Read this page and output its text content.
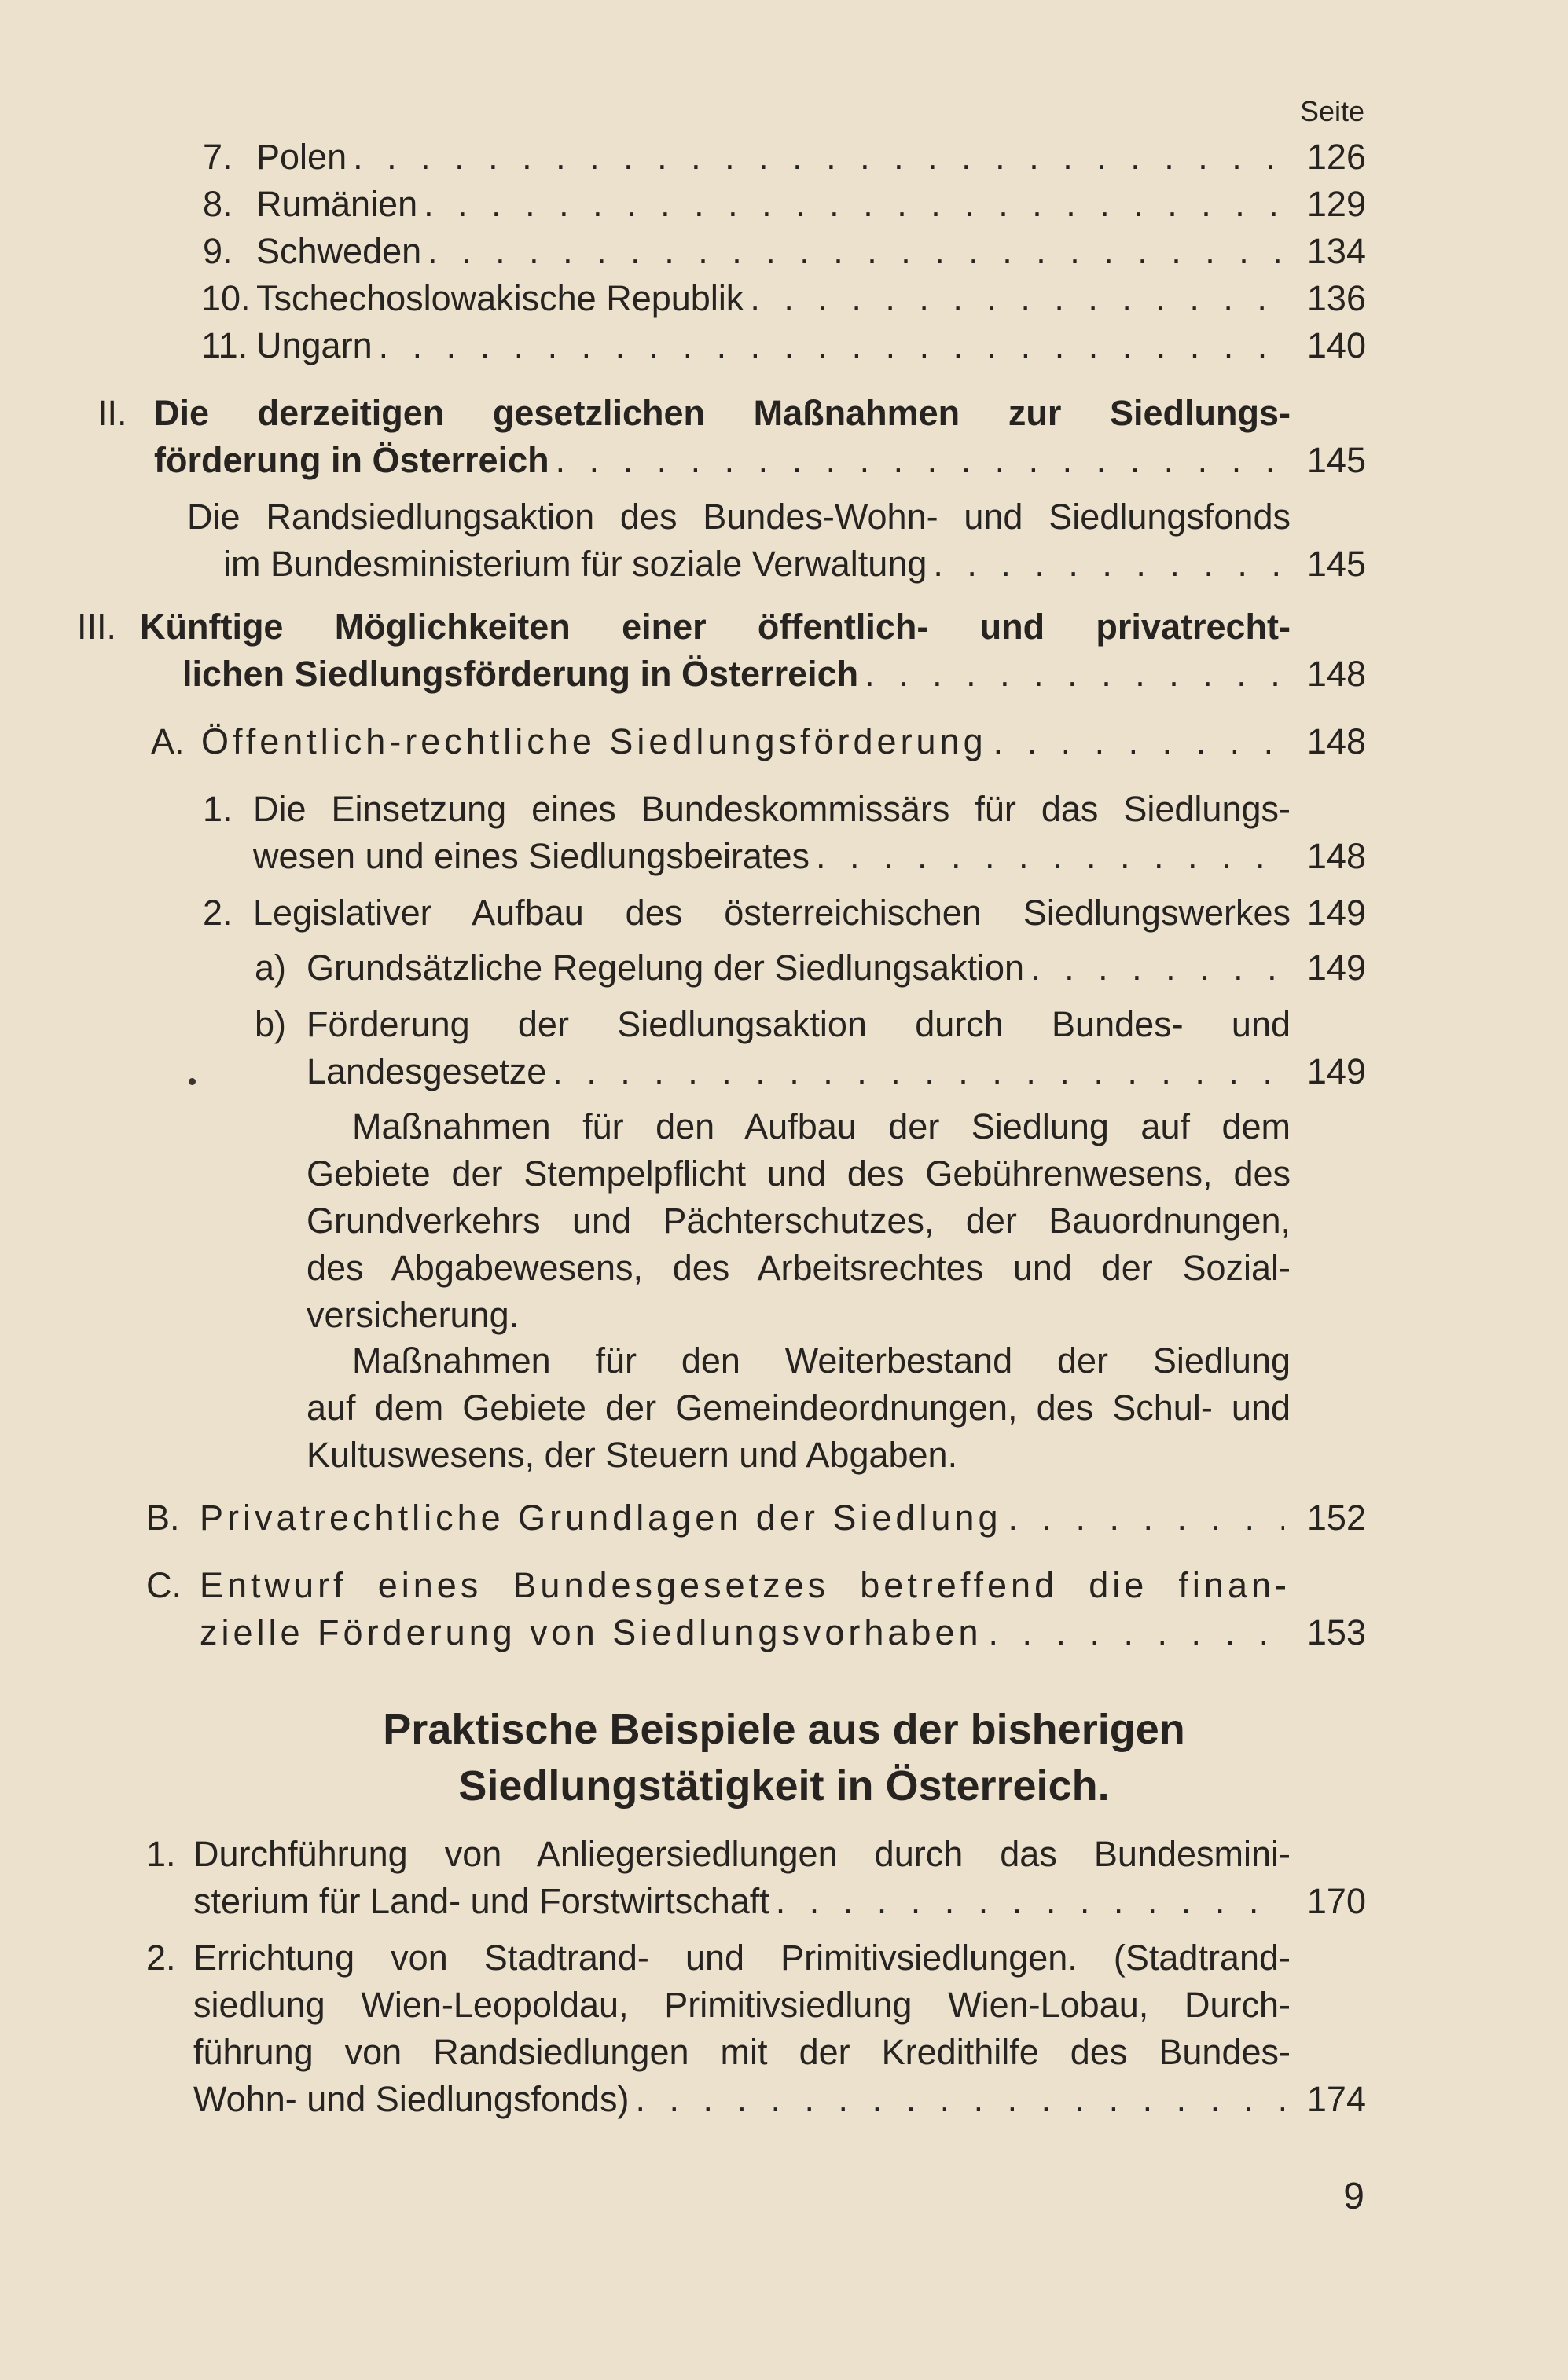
Seite
7. Polen . . .	126
8. Rumänien . . .	129
9. Schweden . . .	134
10. Tschechoslowakische Republik . . .	136
11. Ungarn . . .	140
II. Die derzeitigen gesetzlichen Maßnahmen zur Siedlungs-
förderung in Österreich . . .	145
Die Randsiedlungsaktion des Bundes-Wohn- und Siedlungsfonds
im Bundesministerium für soziale Verwaltung . . .	145
III. Künftige Möglichkeiten einer öffentlich- und privatrecht-
lichen Siedlungsförderung in Österreich . . .	148
A. Öffentlich-rechtliche Siedlungsförderung . . .	148
1. Die Einsetzung eines Bundeskommissärs für das Siedlungs-
wesen und eines Siedlungsbeirates . . .	148
2. Legislativer Aufbau des österreichischen Siedlungswerkes 149
a) Grundsätzliche Regelung der Siedlungsaktion . . .	149
b) Förderung der Siedlungsaktion durch Bundes- und
Landesgesetze . . .	149
Maßnahmen für den Aufbau der Siedlung auf dem
Gebiete der Stempelpflicht und des Gebührenwesens, des
Grundverkehrs und Pächterschutzes, der Bauordnungen,
des Abgabewesens, des Arbeitsrechtes und der Sozial-
versicherung.
Maßnahmen für den Weiterbestand der Siedlung
auf dem Gebiete der Gemeindeordnungen, des Schul- und
Kultuswesens, der Steuern und Abgaben.
B. Privatrechtliche Grundlagen der Siedlung . . .	152
C. Entwurf eines Bundesgesetzes betreffend die finan-
zielle Förderung von Siedlungsvorhaben . . .	153
Praktische Beispiele aus der bisherigen
Siedlungstätigkeit in Österreich.
1. Durchführung von Anliegersiedlungen durch das Bundesmini-
sterium für Land- und Forstwirtschaft . . .	170
2. Errichtung von Stadtrand- und Primitivsiedlungen. (Stadtrand-
siedlung Wien-Leopoldau, Primitivsiedlung Wien-Lobau, Durch-
führung von Randsiedlungen mit der Kredithilfe des Bundes-
Wohn- und Siedlungsfonds) . . .	174
9
